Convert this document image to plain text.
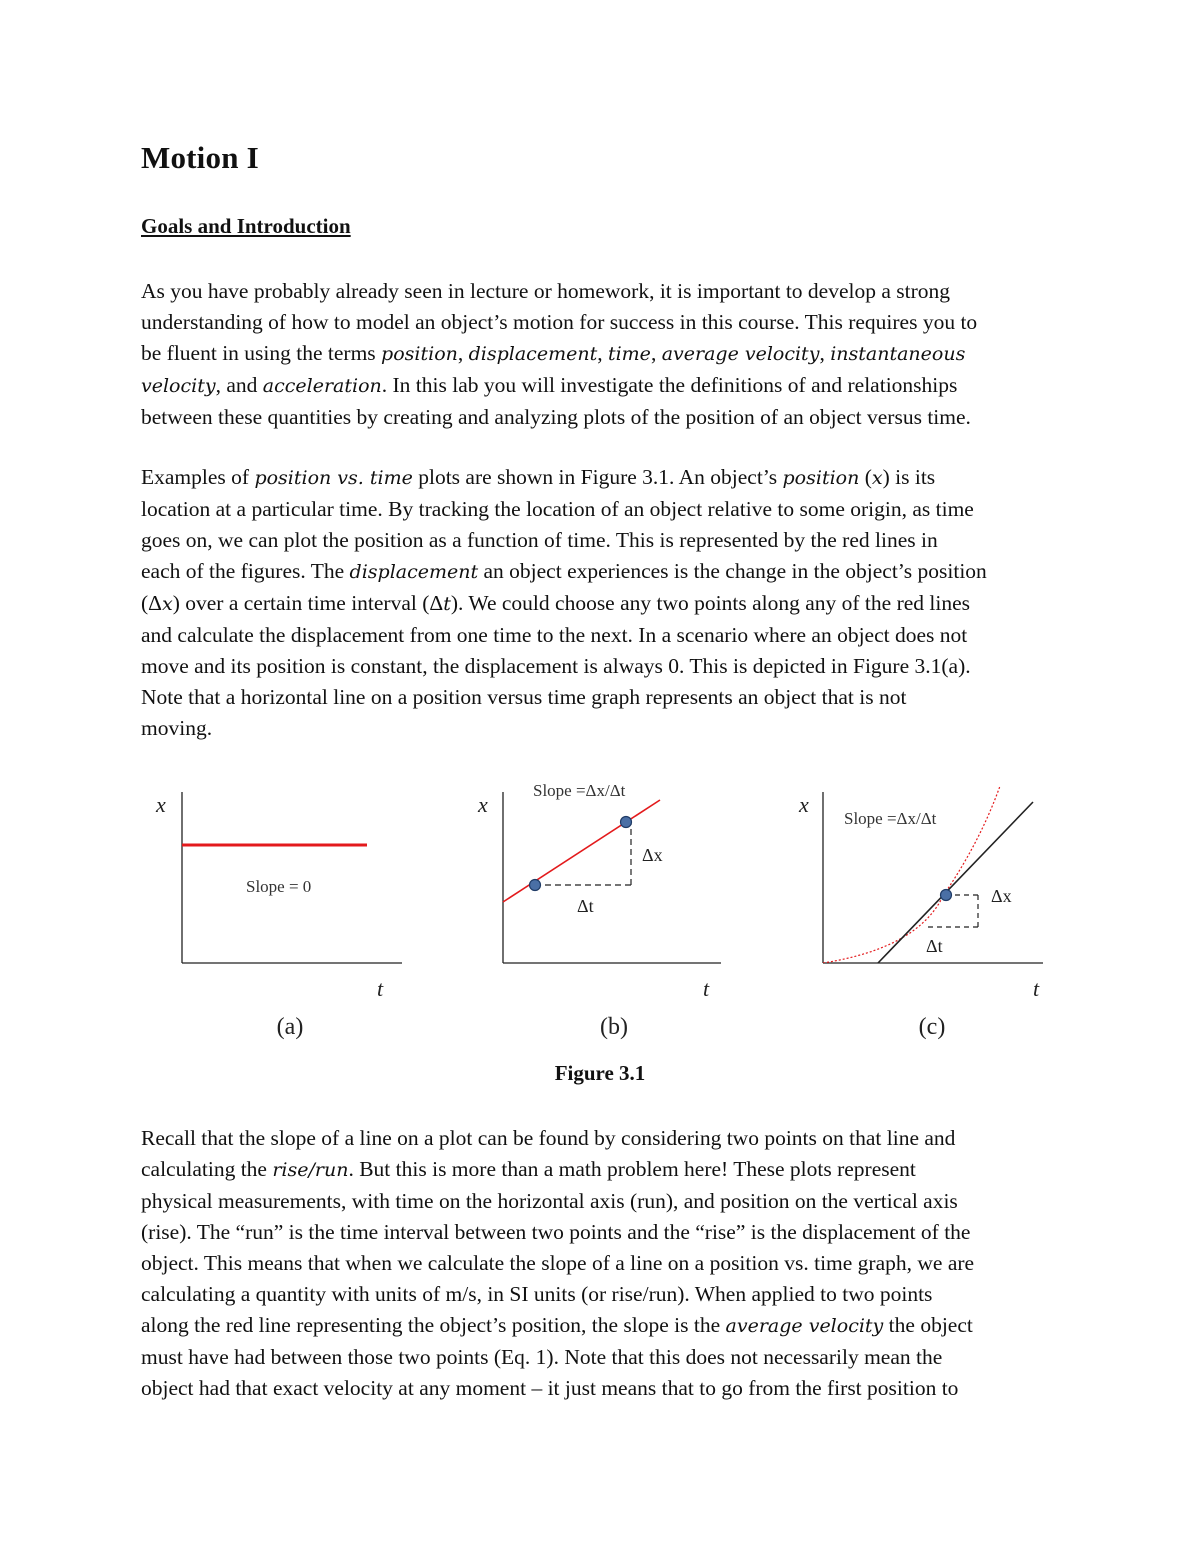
Motion I
Goals and Introduction

As you have probably already seen in lecture or homework, it is important to develop a strong
understanding of how to model an object’s motion for success in this course. This requires you to
be fluent in using the terms position, displacement, time, average velocity, instantaneous
velocity, and acceleration. In this lab you will investigate the definitions of and relationships
between these quantities by creating and analyzing plots of the position of an object versus time.

Examples of position vs. time plots are shown in Figure 3.1. An object’s position (x) is its
location at a particular time. By tracking the location of an object relative to some origin, as time
goes on, we can plot the position as a function of time. This is represented by the red lines in
each of the figures. The displacement an object experiences is the change in the object’s position
(Δx) over a certain time interval (Δt). We could choose any two points along any of the red lines
and calculate the displacement from one time to the next. In a scenario where an object does not
move and its position is constant, the displacement is always 0. This is depicted in Figure 3.1(a).
Note that a horizontal line on a position versus time graph represents an object that is not
moving.

x
t
Slope = 0
(a)
x
t
Slope =Δx/Δt
Δx
Δt
(b)
x
t
Slope =Δx/Δt
Δx
Δt
(c)

Figure 3.1

Recall that the slope of a line on a plot can be found by considering two points on that line and
calculating the rise/run. But this is more than a math problem here! These plots represent
physical measurements, with time on the horizontal axis (run), and position on the vertical axis
(rise). The “run” is the time interval between two points and the “rise” is the displacement of the
object. This means that when we calculate the slope of a line on a position vs. time graph, we are
calculating a quantity with units of m/s, in SI units (or rise/run). When applied to two points
along the red line representing the object’s position, the slope is the average velocity the object
must have had between those two points (Eq. 1). Note that this does not necessarily mean the
object had that exact velocity at any moment – it just means that to go from the first position to
